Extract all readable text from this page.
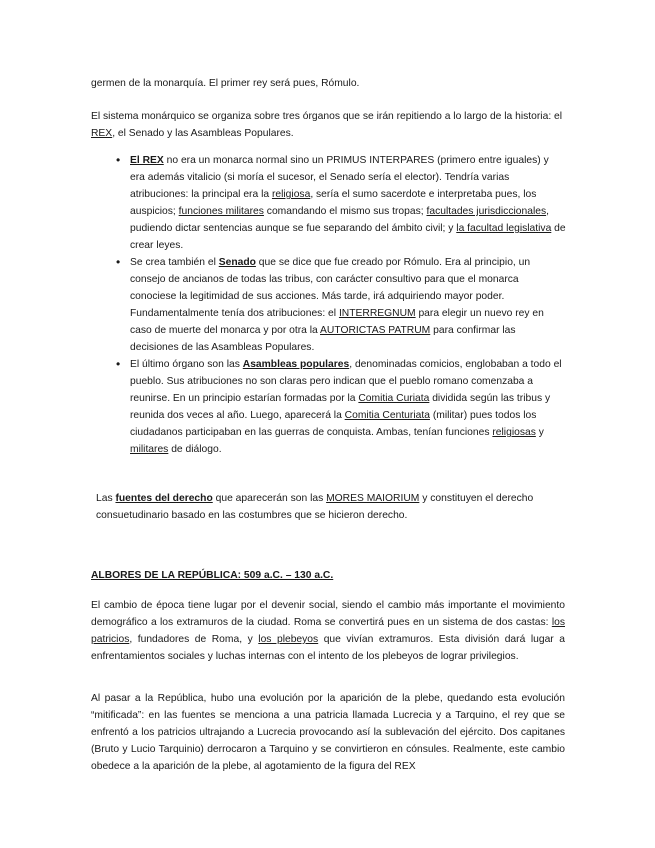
germen de la monarquía. El primer rey será pues, Rómulo.

El sistema monárquico se organiza sobre tres órganos que se irán repitiendo a lo largo de la historia: el REX, el Senado y las Asambleas Populares.

• El REX no era un monarca normal sino un PRIMUS INTERPARES (primero entre iguales) y era además vitalicio (si moría el sucesor, el Senado sería el elector). Tendría varias atribuciones: la principal era la religiosa, sería el sumo sacerdote e interpretaba pues, los auspicios; funciones militares comandando el mismo sus tropas; facultades jurisdiccionales, pudiendo dictar sentencias aunque se fue separando del ámbito civil; y la facultad legislativa de crear leyes.
• Se crea también el Senado que se dice que fue creado por Rómulo. Era al principio, un consejo de ancianos de todas las tribus, con carácter consultivo para que el monarca conociese la legitimidad de sus acciones. Más tarde, irá adquiriendo mayor poder. Fundamentalmente tenía dos atribuciones: el INTERREGNUM para elegir un nuevo rey en caso de muerte del monarca y por otra la AUTORICTAS PATRUM para confirmar las decisiones de las Asambleas Populares.
• El último órgano son las Asambleas populares, denominadas comicios, englobaban a todo el pueblo. Sus atribuciones no son claras pero indican que el pueblo romano comenzaba a reunirse. En un principio estarían formadas por la Comitia Curiata dividida según las tribus y reunida dos veces al año. Luego, aparecerá la Comitia Centuriata (militar) pues todos los ciudadanos participaban en las guerras de conquista. Ambas, tenían funciones religiosas y militares de diálogo.

Las fuentes del derecho que aparecerán son las MORES MAIORIUM y constituyen el derecho consuetudinario basado en las costumbres que se hicieron derecho.

ALBORES DE LA REPÚBLICA: 509 a.C. – 130 a.C.

El cambio de época tiene lugar por el devenir social, siendo el cambio más importante el movimiento demográfico a los extramuros de la ciudad. Roma se convertirá pues en un sistema de dos castas: los patricios, fundadores de Roma, y los plebeyos que vivían extramuros. Esta división dará lugar a enfrentamientos sociales y luchas internas con el intento de los plebeyos de lograr privilegios.

Al pasar a la República, hubo una evolución por la aparición de la plebe, quedando esta evolución “mitificada”: en las fuentes se menciona a una patricia llamada Lucrecia y a Tarquino, el rey que se enfrentó a los patricios ultrajando a Lucrecia provocando así la sublevación del ejército. Dos capitanes (Bruto y Lucio Tarquinio) derrocaron a Tarquino y se convirtieron en cónsules. Realmente, este cambio obedece a la aparición de la plebe, al agotamiento de la figura del REX
